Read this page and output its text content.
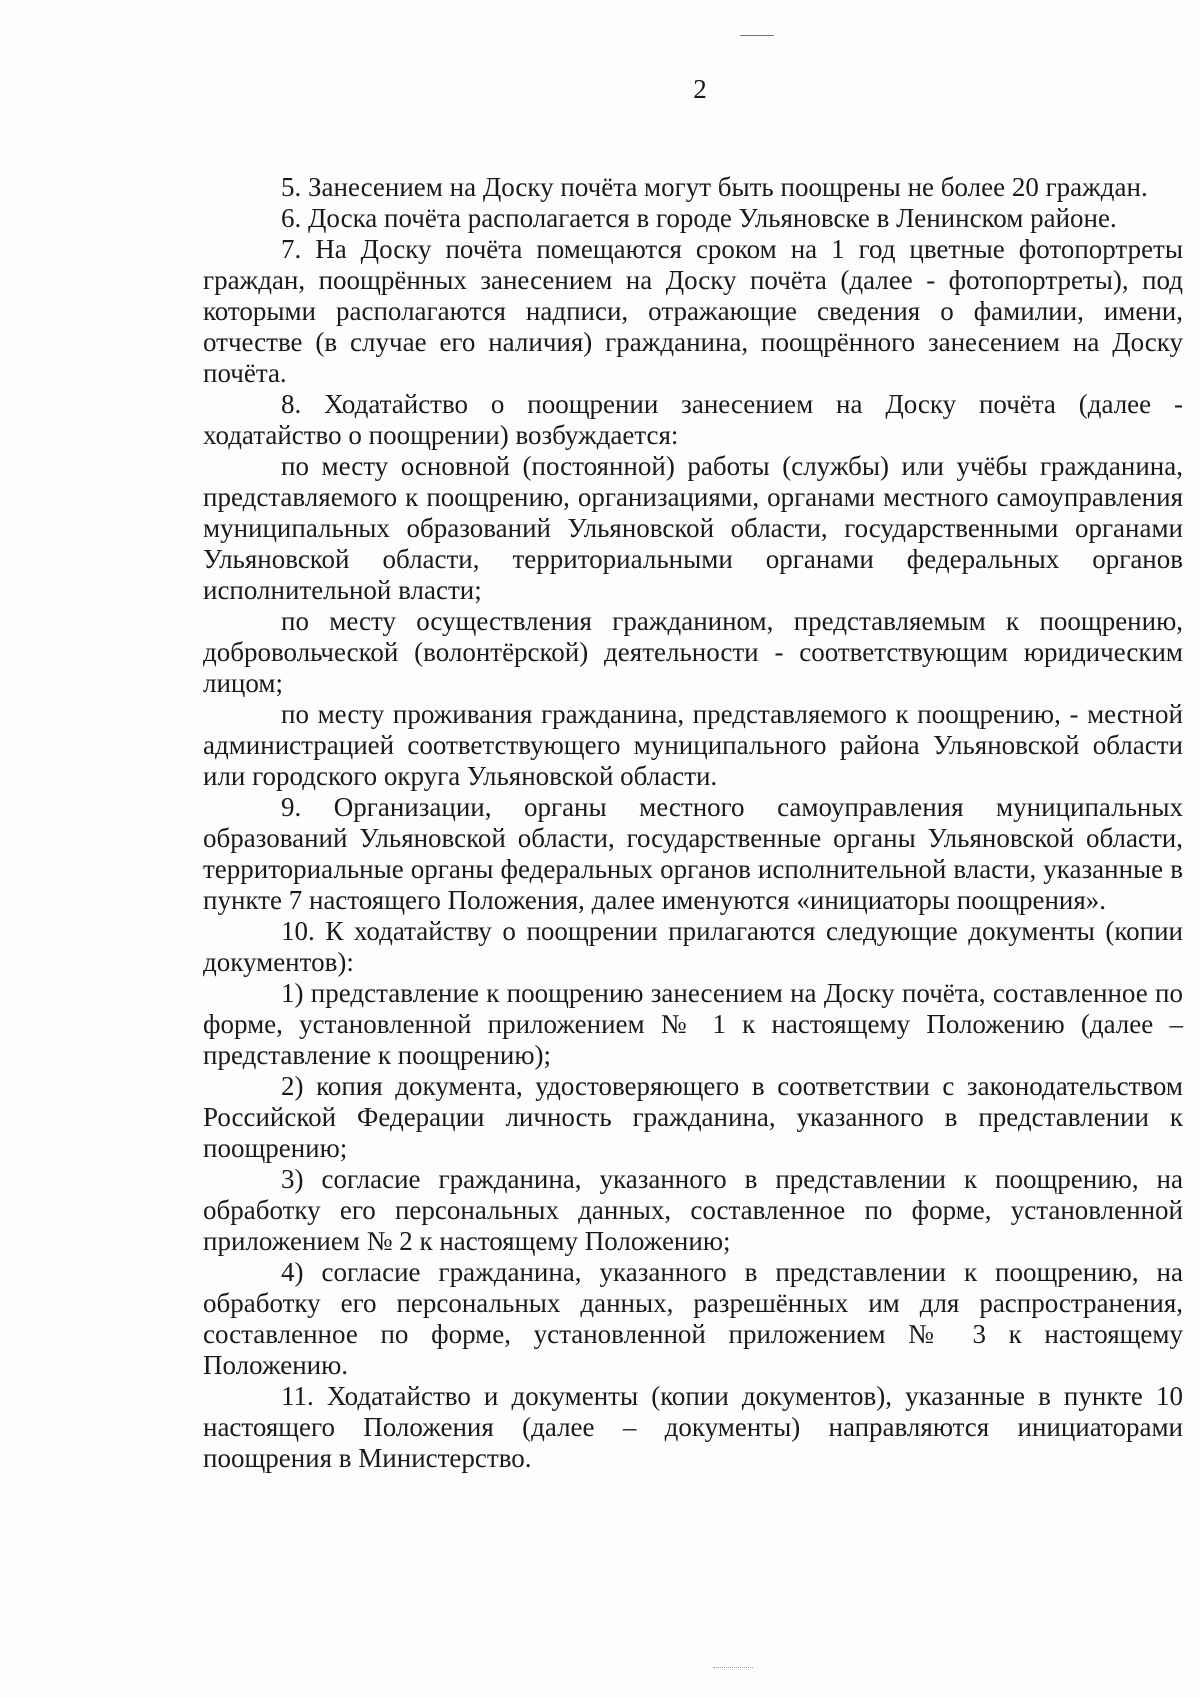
2

5. Занесением на Доску почёта могут быть поощрены не более 20 граждан.

6. Доска почёта располагается в городе Ульяновске в Ленинском районе.

7. На Доску почёта помещаются сроком на 1 год цветные фотопортреты граждан, поощрённых занесением на Доску почёта (далее - фотопортреты), под которыми располагаются надписи, отражающие сведения о фамилии, имени, отчестве (в случае его наличия) гражданина, поощрённого занесением на Доску почёта.

8. Ходатайство о поощрении занесением на Доску почёта (далее - ходатайство о поощрении) возбуждается:

по месту основной (постоянной) работы (службы) или учёбы гражданина, представляемого к поощрению, организациями, органами местного самоуправления муниципальных образований Ульяновской области, государственными органами Ульяновской области, территориальными органами федеральных органов исполнительной власти;

по месту осуществления гражданином, представляемым к поощрению, добровольческой (волонтёрской) деятельности - соответствующим юридическим лицом;

по месту проживания гражданина, представляемого к поощрению, - местной администрацией соответствующего муниципального района Ульяновской области или городского округа Ульяновской области.

9. Организации, органы местного самоуправления муниципальных образований Ульяновской области, государственные органы Ульяновской области, территориальные органы федеральных органов исполнительной власти, указанные в пункте 7 настоящего Положения, далее именуются «инициаторы поощрения».

10. К ходатайству о поощрении прилагаются следующие документы (копии документов):

1) представление к поощрению занесением на Доску почёта, составленное по форме, установленной приложением № 1 к настоящему Положению (далее – представление к поощрению);

2) копия документа, удостоверяющего в соответствии с законодательством Российской Федерации личность гражданина, указанного в представлении к поощрению;

3) согласие гражданина, указанного в представлении к поощрению, на обработку его персональных данных, составленное по форме, установленной приложением № 2 к настоящему Положению;

4) согласие гражданина, указанного в представлении к поощрению, на обработку его персональных данных, разрешённых им для распространения, составленное по форме, установленной приложением № 3 к настоящему Положению.

11. Ходатайство и документы (копии документов), указанные в пункте 10 настоящего Положения (далее – документы) направляются инициаторами поощрения в Министерство.
